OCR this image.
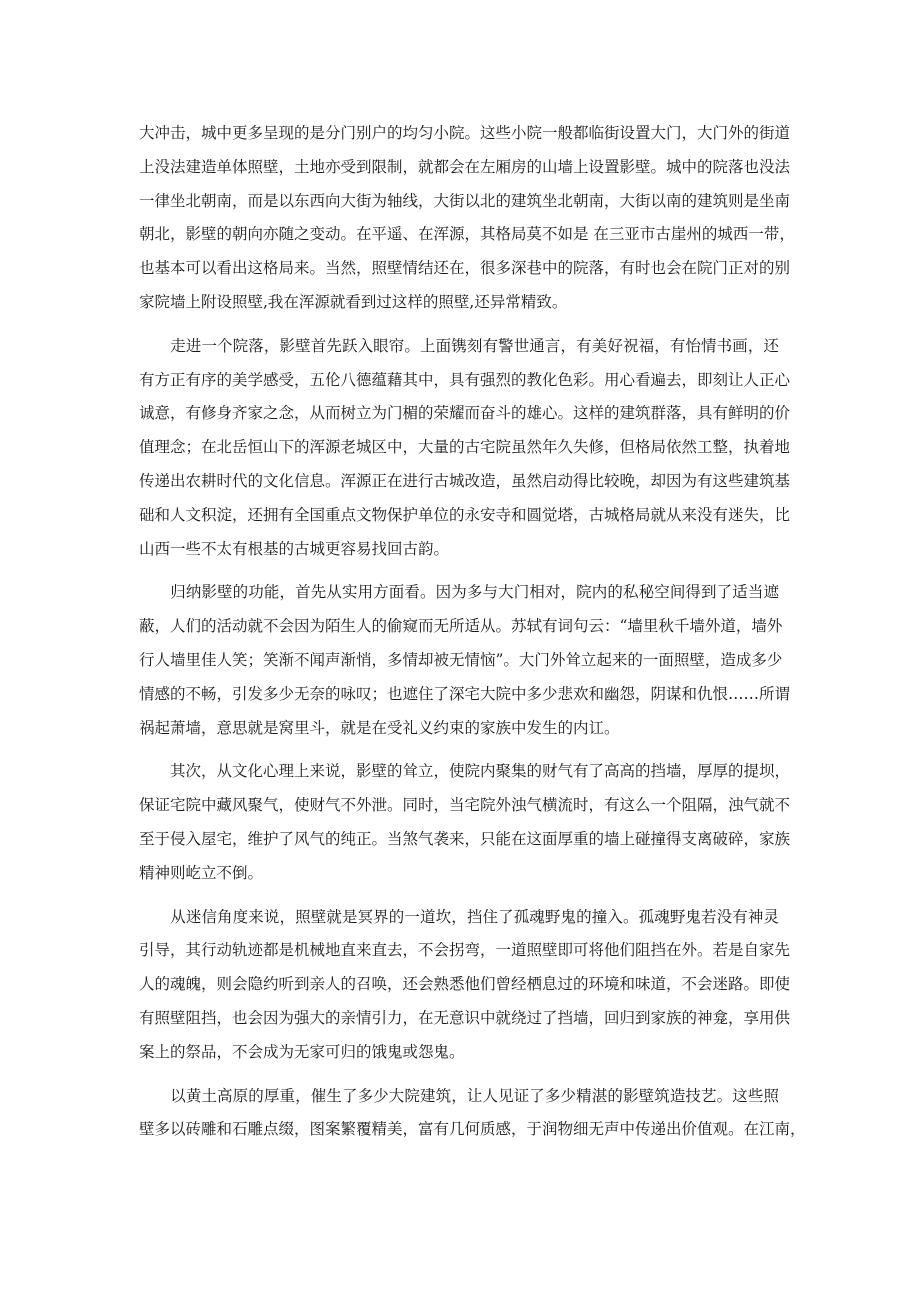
大冲击，城中更多呈现的是分门别户的均匀小院。这些小院一般都临街设置大门，大门外的街道
上没法建造单体照壁，土地亦受到限制，就都会在左厢房的山墙上设置影壁。城中的院落也没法
一律坐北朝南，而是以东西向大街为轴线，大街以北的建筑坐北朝南，大街以南的建筑则是坐南
朝北，影壁的朝向亦随之变动。在平遥、在浑源，其格局莫不如是 在三亚市古崖州的城西一带，
也基本可以看出这格局来。当然，照壁情结还在，很多深巷中的院落，有时也会在院门正对的别
家院墙上附设照壁,我在浑源就看到过这样的照壁,还异常精致。
　　走进一个院落，影壁首先跃入眼帘。上面镌刻有警世通言，有美好祝福，有怡情书画，还
有方正有序的美学感受，五伦八德蕴藉其中，具有强烈的教化色彩。用心看遍去，即刻让人正心
诚意，有修身齐家之念，从而树立为门楣的荣耀而奋斗的雄心。这样的建筑群落，具有鲜明的价
值理念；在北岳恒山下的浑源老城区中，大量的古宅院虽然年久失修，但格局依然工整，执着地
传递出农耕时代的文化信息。浑源正在进行古城改造，虽然启动得比较晚，却因为有这些建筑基
础和人文积淀，还拥有全国重点文物保护单位的永安寺和圆觉塔，古城格局就从来没有迷失，比
山西一些不太有根基的古城更容易找回古韵。
　　归纳影壁的功能，首先从实用方面看。因为多与大门相对，院内的私秘空间得到了适当遮
蔽，人们的活动就不会因为陌生人的偷窥而无所适从。苏轼有词句云：“墙里秋千墙外道，墙外
行人墙里佳人笑；笑渐不闻声渐悄，多情却被无情恼”。大门外耸立起来的一面照壁，造成多少
情感的不畅，引发多少无奈的咏叹；也遮住了深宅大院中多少悲欢和幽怨，阴谋和仇恨……所谓
祸起萧墙，意思就是窝里斗，就是在受礼义约束的家族中发生的内讧。
　　其次，从文化心理上来说，影壁的耸立，使院内聚集的财气有了高高的挡墙，厚厚的提坝，
保证宅院中藏风聚气，使财气不外泄。同时，当宅院外浊气横流时，有这么一个阻隔，浊气就不
至于侵入屋宅，维护了风气的纯正。当煞气袭来，只能在这面厚重的墙上碰撞得支离破碎，家族
精神则屹立不倒。
　　从迷信角度来说，照壁就是冥界的一道坎，挡住了孤魂野鬼的撞入。孤魂野鬼若没有神灵
引导，其行动轨迹都是机械地直来直去，不会拐弯，一道照壁即可将他们阻挡在外。若是自家先
人的魂魄，则会隐约听到亲人的召唤，还会熟悉他们曾经栖息过的环境和味道，不会迷路。即使
有照壁阻挡，也会因为强大的亲情引力，在无意识中就绕过了挡墙，回归到家族的神龛，享用供
案上的祭品，不会成为无家可归的饿鬼或怨鬼。
　　以黄土高原的厚重，催生了多少大院建筑，让人见证了多少精湛的影壁筑造技艺。这些照
壁多以砖雕和石雕点缀，图案繁覆精美，富有几何质感，于润物细无声中传递出价值观。在江南，
